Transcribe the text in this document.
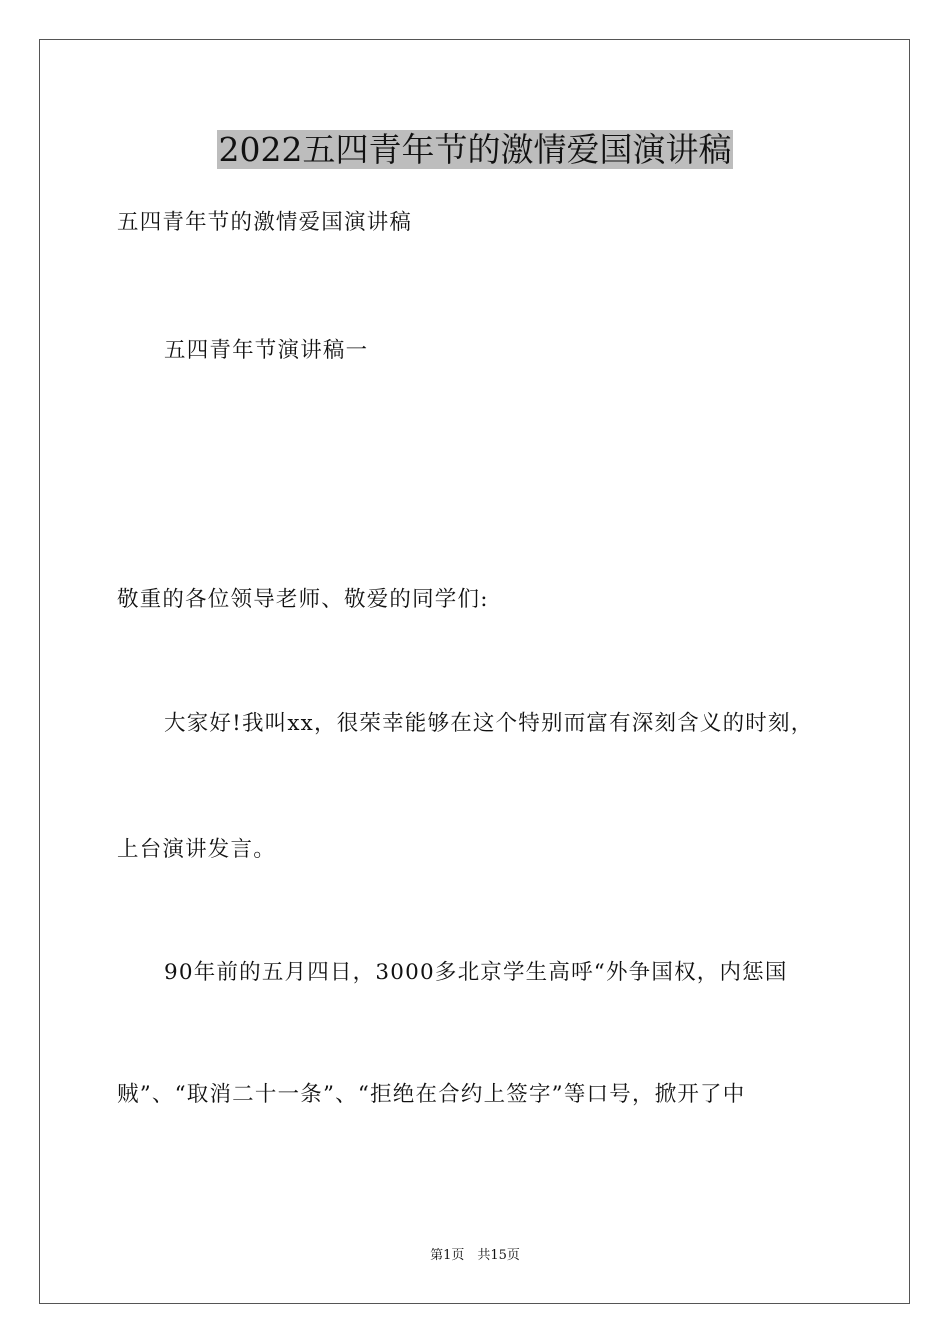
2022五四青年节的激情爱国演讲稿
五四青年节的激情爱国演讲稿
五四青年节演讲稿一
敬重的各位领导老师、敬爱的同学们:
大家好!我叫xx，很荣幸能够在这个特别而富有深刻含义的时刻，
上台演讲发言。
90年前的五月四日，3000多北京学生高呼“外争国权，内惩国
贼”、“取消二十一条”、“拒绝在合约上签字”等口号，掀开了中
第1页　共15页
